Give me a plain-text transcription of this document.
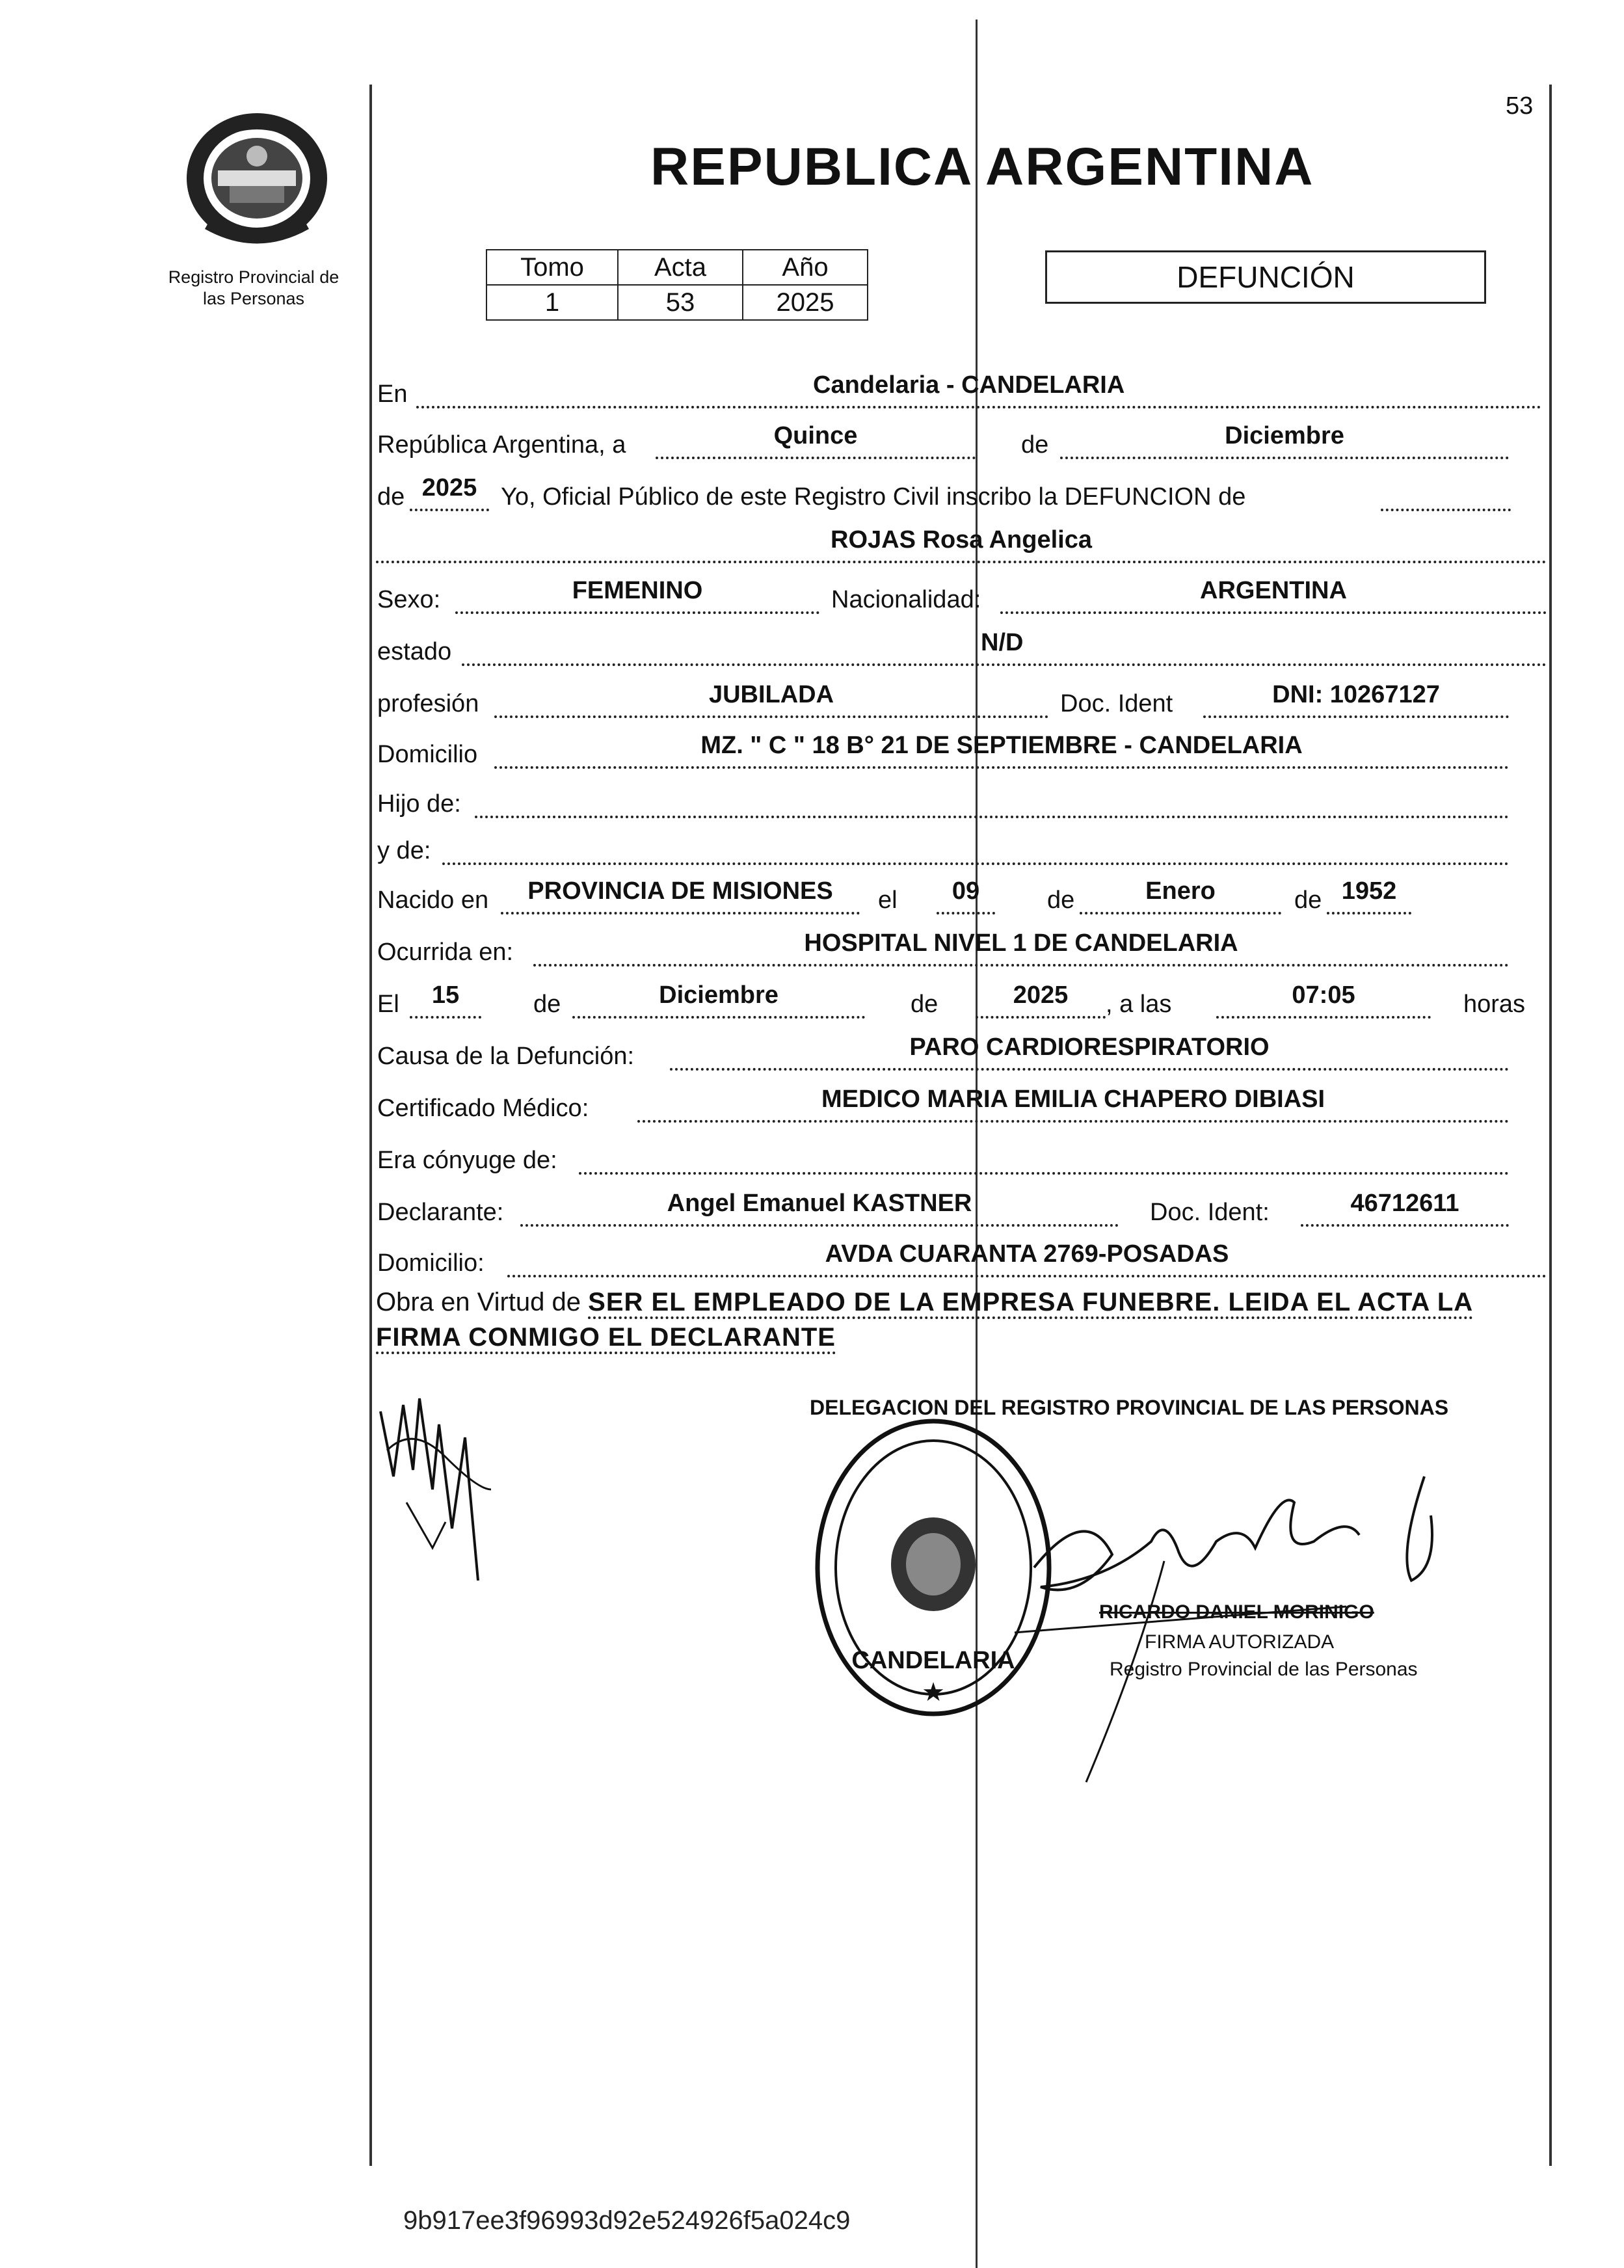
53
Registro Provincial de
las Personas
REPUBLICA ARGENTINA
Tomo	Acta	Año
1	53	2025
DEFUNCIÓN
En	Candelaria - CANDELARIA
República Argentina, a	Quince	de	Diciembre
de 2025 Yo, Oficial Público de este Registro Civil inscribo la DEFUNCION de
ROJAS Rosa Angelica
Sexo:	FEMENINO	Nacionalidad:	ARGENTINA
estado	N/D
profesión	JUBILADA	Doc. Ident	DNI: 10267127
Domicilio	MZ. " C " 18 B° 21 DE SEPTIEMBRE - CANDELARIA
Hijo de:
y de:
Nacido en	PROVINCIA DE MISIONES	el	09	de	Enero	de 1952
Ocurrida en:	HOSPITAL NIVEL 1 DE CANDELARIA
El	15	de	Diciembre	de	2025	, a las	07:05	horas
Causa de la Defunción:	PARO CARDIORESPIRATORIO
Certificado Médico:	MEDICO MARIA EMILIA CHAPERO DIBIASI
Era cónyuge de:
Declarante:	Angel Emanuel KASTNER	Doc. Ident:	46712611
Domicilio:	AVDA CUARANTA 2769-POSADAS
Obra en Virtud de SER EL EMPLEADO DE LA EMPRESA FUNEBRE. LEIDA EL ACTA LA FIRMA CONMIGO EL DECLARANTE
DELEGACION DEL REGISTRO PROVINCIAL DE LAS PERSONAS
CANDELARIA
★
RICARDO DANIEL MORINIGO
FIRMA AUTORIZADA
Registro Provincial de las Personas
9b917ee3f96993d92e524926f5a024c9
